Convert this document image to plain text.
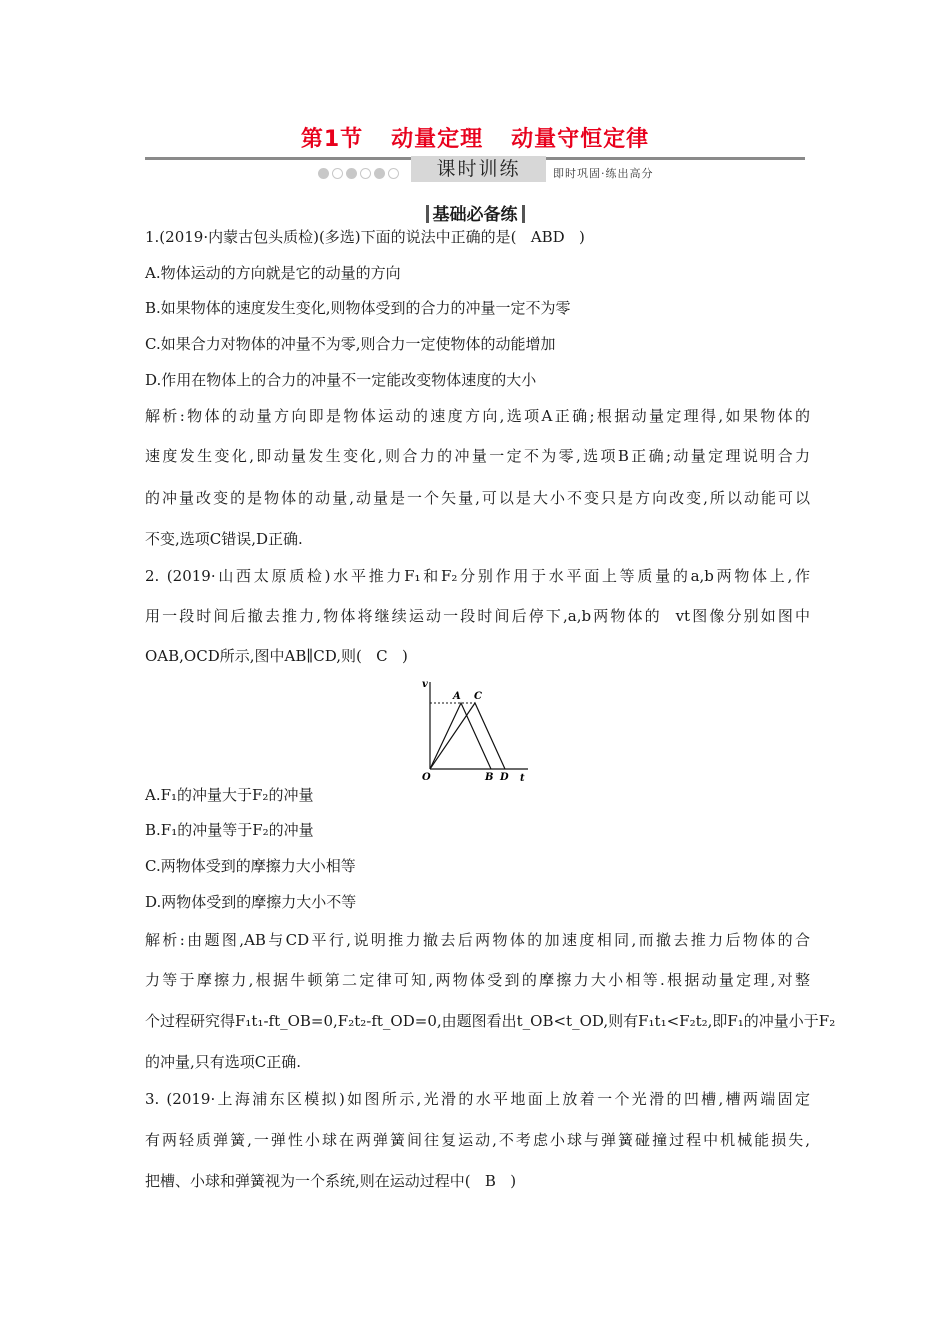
第1节 动量定理 动量守恒定律
课时训练	即时巩固·练出高分
基础必备练
1.(2019·内蒙古包头质检)(多选)下面的说法中正确的是(   ABD   )
A.物体运动的方向就是它的动量的方向
B.如果物体的速度发生变化,则物体受到的合力的冲量一定不为零
C.如果合力对物体的冲量不为零,则合力一定使物体的动能增加
D.作用在物体上的合力的冲量不一定能改变物体速度的大小
解析:物体的动量方向即是物体运动的速度方向,选项A正确;根据动量定理得,如果物体的
速度发生变化,即动量发生变化,则合力的冲量一定不为零,选项B正确;动量定理说明合力
的冲量改变的是物体的动量,动量是一个矢量,可以是大小不变只是方向改变,所以动能可以
不变,选项C错误,D正确.
2. (2019·山西太原质检)水平推力F₁和F₂分别作用于水平面上等质量的a,b两物体上,作
用一段时间后撤去推力,物体将继续运动一段时间后停下,a,b两物体的  vt图像分别如图中
OAB,OCD所示,图中AB∥CD,则(   C   )
v
t
O
A C
B D
A.F₁的冲量大于F₂的冲量
B.F₁的冲量等于F₂的冲量
C.两物体受到的摩擦力大小相等
D.两物体受到的摩擦力大小不等
解析:由题图,AB与CD平行,说明推力撤去后两物体的加速度相同,而撤去推力后物体的合
力等于摩擦力,根据牛顿第二定律可知,两物体受到的摩擦力大小相等.根据动量定理,对整
个过程研究得F₁t₁-ft_OB=0,F₂t₂-ft_OD=0,由题图看出t_OB<t_OD,则有F₁t₁<F₂t₂,即F₁的冲量小于F₂
的冲量,只有选项C正确.
3. (2019·上海浦东区模拟)如图所示,光滑的水平地面上放着一个光滑的凹槽,槽两端固定
有两轻质弹簧,一弹性小球在两弹簧间往复运动,不考虑小球与弹簧碰撞过程中机械能损失,
把槽、小球和弹簧视为一个系统,则在运动过程中(   B   )
